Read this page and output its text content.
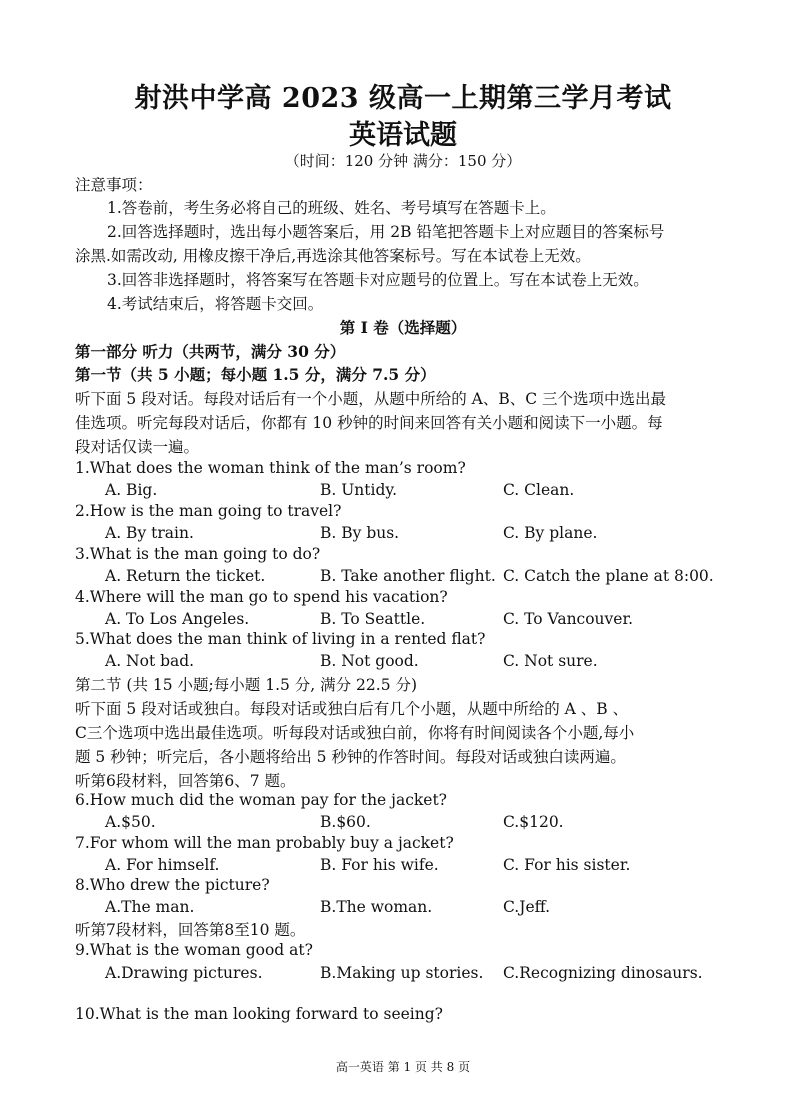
射洪中学高 2023 级高一上期第三学月考试
英语试题
（时间：120 分钟 满分：150 分）
注意事项：
1.答卷前，考生务必将自己的班级、姓名、考号填写在答题卡上。
2.回答选择题时，选出每小题答案后，用 2B 铅笔把答题卡上对应题目的答案标号
涂黑.如需改动, 用橡皮擦干净后,再选涂其他答案标号。写在本试卷上无效。
3.回答非选择题时，将答案写在答题卡对应题号的位置上。写在本试卷上无效。
4.考试结束后，将答题卡交回。
第 I 卷（选择题）
第一部分 听力（共两节，满分 30 分）
第一节（共 5 小题；每小题 1.5 分，满分 7.5 分）
听下面 5 段对话。每段对话后有一个小题，从题中所给的 A、B、C 三个选项中选出最
佳选项。听完每段对话后，你都有 10 秒钟的时间来回答有关小题和阅读下一小题。每
段对话仅读一遍。
1.What does the woman think of the man’s room?
A. Big.	B. Untidy.	C. Clean.
2.How is the man going to travel?
A. By train.	B. By bus.	C. By plane.
3.What is the man going to do?
A. Return the ticket.	B. Take another flight. C. Catch the plane at 8:00.
4.Where will the man go to spend his vacation?
A. To Los Angeles.	B. To Seattle.	C. To Vancouver.
5.What does the man think of living in a rented flat?
A. Not bad.	B. Not good.	C. Not sure.
第二节 (共 15 小题;每小题 1.5 分, 满分 22.5 分)
听下面 5 段对话或独白。每段对话或独白后有几个小题，从题中所给的 A 、B 、
C三个选项中选出最佳选项。听每段对话或独白前，你将有时间阅读各个小题,每小
题 5 秒钟；听完后，各小题将给出 5 秒钟的作答时间。每段对话或独白读两遍。
听第6段材料，回答第6、7 题。
6.How much did the woman pay for the jacket?
A.$50.	B.$60.	C.$120.
7.For whom will the man probably buy a jacket?
A. For himself.	B. For his wife.	C. For his sister.
8.Who drew the picture?
A.The man.	B.The woman.	C.Jeff.
听第7段材料，回答第8至10 题。
9.What is the woman good at?
A.Drawing pictures.	B.Making up stories. C.Recognizing dinosaurs.
10.What is the man looking forward to seeing?
高一英语 第 1 页 共 8 页
